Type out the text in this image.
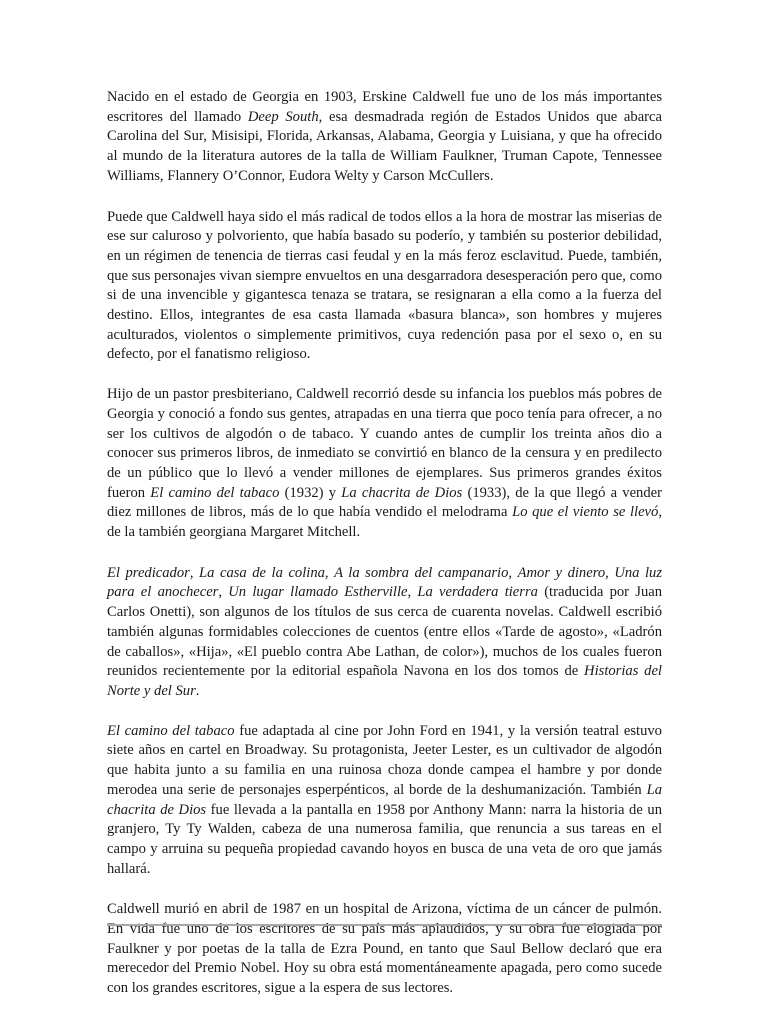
Nacido en el estado de Georgia en 1903, Erskine Caldwell fue uno de los más importantes escritores del llamado Deep South, esa desmadrada región de Estados Unidos que abarca Carolina del Sur, Misisipi, Florida, Arkansas, Alabama, Georgia y Luisiana, y que ha ofrecido al mundo de la literatura autores de la talla de William Faulkner, Truman Capote, Tennessee Williams, Flannery O’Connor, Eudora Welty y Carson McCullers.

Puede que Caldwell haya sido el más radical de todos ellos a la hora de mostrar las miserias de ese sur caluroso y polvoriento, que había basado su poderío, y también su posterior debilidad, en un régimen de tenencia de tierras casi feudal y en la más feroz esclavitud. Puede, también, que sus personajes vivan siempre envueltos en una desgarradora desesperación pero que, como si de una invencible y gigantesca tenaza se tratara, se resignaran a ella como a la fuerza del destino. Ellos, integrantes de esa casta llamada «basura blanca», son hombres y mujeres aculturados, violentos o simplemente primitivos, cuya redención pasa por el sexo o, en su defecto, por el fanatismo religioso.

Hijo de un pastor presbiteriano, Caldwell recorrió desde su infancia los pueblos más pobres de Georgia y conoció a fondo sus gentes, atrapadas en una tierra que poco tenía para ofrecer, a no ser los cultivos de algodón o de tabaco. Y cuando antes de cumplir los treinta años dio a conocer sus primeros libros, de inmediato se convirtió en blanco de la censura y en predilecto de un público que lo llevó a vender millones de ejemplares. Sus primeros grandes éxitos fueron El camino del tabaco (1932) y La chacrita de Dios (1933), de la que llegó a vender diez millones de libros, más de lo que había vendido el melodrama Lo que el viento se llevó, de la también georgiana Margaret Mitchell.

El predicador, La casa de la colina, A la sombra del campanario, Amor y dinero, Una luz para el anochecer, Un lugar llamado Estherville, La verdadera tierra (traducida por Juan Carlos Onetti), son algunos de los títulos de sus cerca de cuarenta novelas. Caldwell escribió también algunas formidables colecciones de cuentos (entre ellos «Tarde de agosto», «Ladrón de caballos», «Hija», «El pueblo contra Abe Lathan, de color»), muchos de los cuales fueron reunidos recientemente por la editorial española Navona en los dos tomos de Historias del Norte y del Sur.

El camino del tabaco fue adaptada al cine por John Ford en 1941, y la versión teatral estuvo siete años en cartel en Broadway. Su protagonista, Jeeter Lester, es un cultivador de algodón que habita junto a su familia en una ruinosa choza donde campea el hambre y por donde merodea una serie de personajes esperpénticos, al borde de la deshumanización. También La chacrita de Dios fue llevada a la pantalla en 1958 por Anthony Mann: narra la historia de un granjero, Ty Ty Walden, cabeza de una numerosa familia, que renuncia a sus tareas en el campo y arruina su pequeña propiedad cavando hoyos en busca de una veta de oro que jamás hallará.

Caldwell murió en abril de 1987 en un hospital de Arizona, víctima de un cáncer de pulmón. En vida fue uno de los escritores de su país más aplaudidos, y su obra fue elogiada por Faulkner y por poetas de la talla de Ezra Pound, en tanto que Saul Bellow declaró que era merecedor del Premio Nobel. Hoy su obra está momentáneamente apagada, pero como sucede con los grandes escritores, sigue a la espera de sus lectores.
